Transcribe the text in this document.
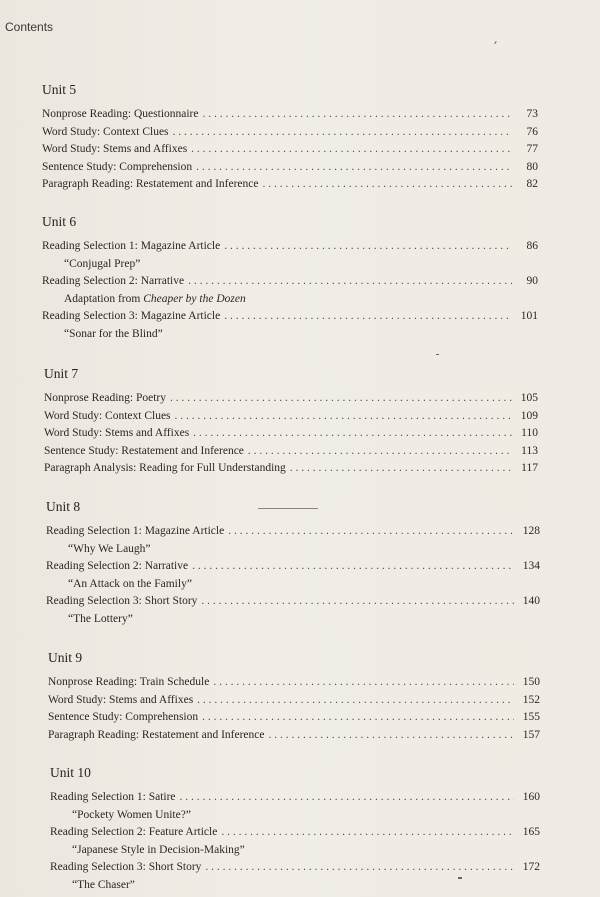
Contents
Unit 5
Nonprose Reading: Questionnaire . . .	73
Word Study: Context Clues . . .	76
Word Study: Stems and Affixes . . .	77
Sentence Study: Comprehension . . .	80
Paragraph Reading: Restatement and Inference . . .	82
Unit 6
Reading Selection 1: Magazine Article . . .	86
“Conjugal Prep”
Reading Selection 2: Narrative . . .	90
Adaptation from Cheaper by the Dozen
Reading Selection 3: Magazine Article . . .	101
“Sonar for the Blind”
Unit 7
Nonprose Reading: Poetry . . .	105
Word Study: Context Clues . . .	109
Word Study: Stems and Affixes . . .	110
Sentence Study: Restatement and Inference . . .	113
Paragraph Analysis: Reading for Full Understanding . . .	117
Unit 8
Reading Selection 1: Magazine Article . . .	128
“Why We Laugh”
Reading Selection 2: Narrative . . .	134
“An Attack on the Family”
Reading Selection 3: Short Story . . .	140
“The Lottery”
Unit 9
Nonprose Reading: Train Schedule . . .	150
Word Study: Stems and Affixes . . .	152
Sentence Study: Comprehension . . .	155
Paragraph Reading: Restatement and Inference . . .	157
Unit 10
Reading Selection 1: Satire . . .	160
“Pockety Women Unite?”
Reading Selection 2: Feature Article . . .	165
“Japanese Style in Decision-Making”
Reading Selection 3: Short Story . . .	172
“The Chaser”
